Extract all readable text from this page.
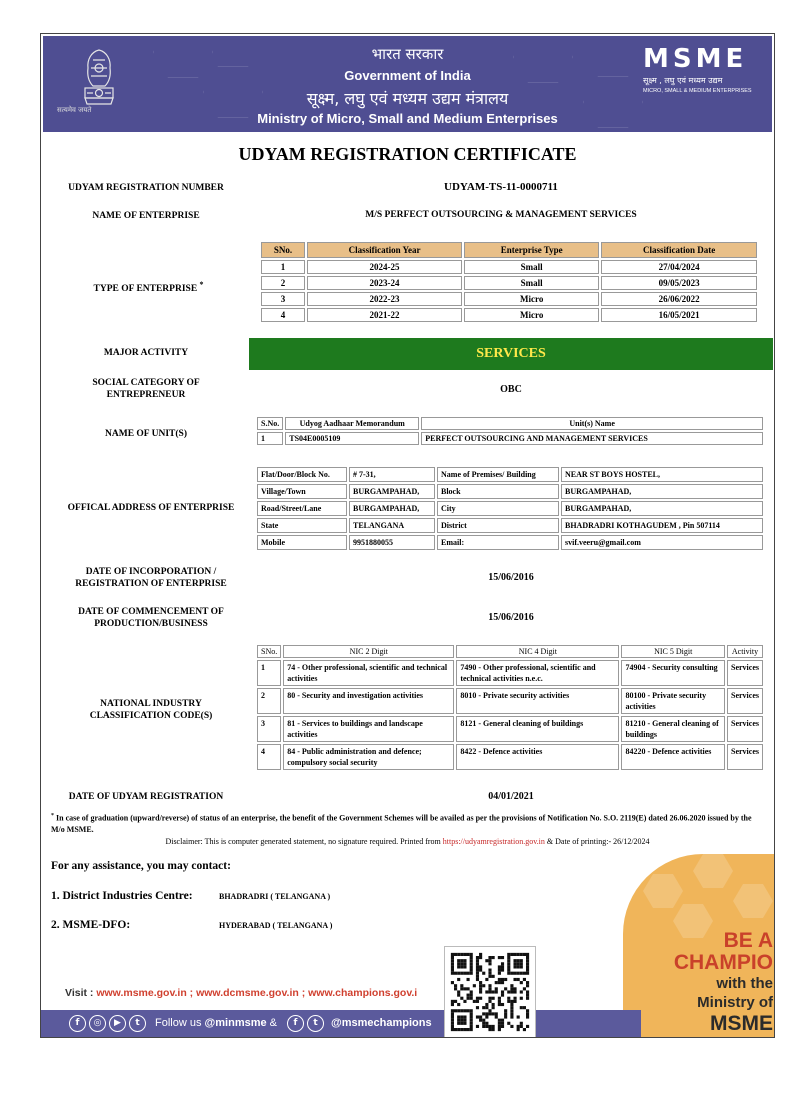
सत्यमेव जयते
भारत सरकार
Government of India
सूक्ष्म, लघु एवं मध्यम उद्यम मंत्रालय
Ministry of Micro, Small and Medium Enterprises
MSME
सूक्ष्म , लघु एवं मध्यम उद्यम
MICRO, SMALL & MEDIUM ENTERPRISES
UDYAM REGISTRATION CERTIFICATE
UDYAM REGISTRATION NUMBER	UDYAM-TS-11-0000711
NAME OF ENTERPRISE	M/S PERFECT OUTSOURCING & MANAGEMENT SERVICES
TYPE OF ENTERPRISE *
SNo.	Classification Year	Enterprise Type	Classification Date
1	2024-25	Small	27/04/2024
2	2023-24	Small	09/05/2023
3	2022-23	Micro	26/06/2022
4	2021-22	Micro	16/05/2021
MAJOR ACTIVITY	SERVICES
SOCIAL CATEGORY OF ENTREPRENEUR	OBC
NAME OF UNIT(S)
S.No.	Udyog Aadhaar Memorandum	Unit(s) Name
1	TS04E0005109	PERFECT OUTSOURCING AND MANAGEMENT SERVICES
OFFICAL ADDRESS OF ENTERPRISE
Flat/Door/Block No.	# 7-31,	Name of Premises/ Building	NEAR ST BOYS HOSTEL,
Village/Town	BURGAMPAHAD,	Block	BURGAMPAHAD,
Road/Street/Lane	BURGAMPAHAD,	City	BURGAMPAHAD,
State	TELANGANA	District	BHADRADRI KOTHAGUDEM , Pin 507114
Mobile	9951880055	Email:	svif.veeru@gmail.com
DATE OF INCORPORATION / REGISTRATION OF ENTERPRISE
15/06/2016
DATE OF COMMENCEMENT OF PRODUCTION/BUSINESS
15/06/2016
NATIONAL INDUSTRY CLASSIFICATION CODE(S)
SNo.	NIC 2 Digit	NIC 4 Digit	NIC 5 Digit	Activity
1	74 - Other professional, scientific and technical activities	7490 - Other professional, scientific and technical activities n.e.c.	74904 - Security consulting	Services
2	80 - Security and investigation activities	8010 - Private security activities	80100 - Private security activities	Services
3	81 - Services to buildings and landscape activities	8121 - General cleaning of buildings	81210 - General cleaning of buildings	Services
4	84 - Public administration and defence; compulsory social security	8422 - Defence activities	84220 - Defence activities	Services
DATE OF UDYAM REGISTRATION	04/01/2021
* In case of graduation (upward/reverse) of status of an enterprise, the benefit of the Government Schemes will be availed as per the provisions of Notification No. S.O. 2119(E) dated 26.06.2020 issued by the M/o MSME.
Disclaimer: This is computer generated statement, no signature required. Printed from https://udyamregistration.gov.in & Date of printing:- 26/12/2024
For any assistance, you may contact:
1. District Industries Centre:	BHADRADRI ( TELANGANA )
2. MSME-DFO:	HYDERABAD ( TELANGANA )
BE A
CHAMPIO
with the
Ministry of
MSME
Visit : www.msme.gov.in ; www.dcmsme.gov.in ; www.champions.gov.i
f	◎	▶	t	Follow us @minmsme &	f	t	@msmechampions
